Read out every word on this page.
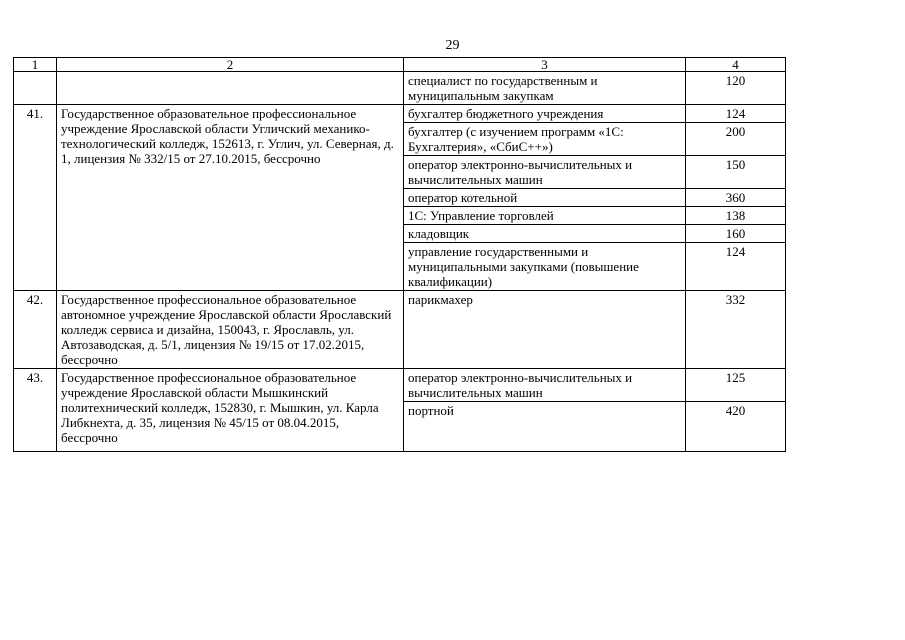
29
1	2	3	4
		специалист по государственным и муниципальным закупкам	120
41.	Государственное образовательное профессиональное учреждение Ярославской области Угличский механико-технологический колледж, 152613, г. Углич, ул. Северная, д. 1, лицензия № 332/15 от 27.10.2015, бессрочно	бухгалтер бюджетного учреждения	124
		бухгалтер (с изучением программ «1С: Бухгалтерия», «СбиС++»)	200
		оператор электронно-вычислительных и вычислительных машин	150
		оператор котельной	360
		1С: Управление торговлей	138
		кладовщик	160
		управление государственными и муниципальными закупками (повышение квалификации)	124
42.	Государственное профессиональное образовательное автономное учреждение Ярославской области Ярославский колледж сервиса и дизайна, 150043, г. Ярославль, ул. Автозаводская, д. 5/1, лицензия № 19/15 от 17.02.2015, бессрочно	парикмахер	332
43.	Государственное профессиональное образовательное учреждение Ярославской области Мышкинский политехнический колледж, 152830, г. Мышкин, ул. Карла Либкнехта, д. 35, лицензия № 45/15 от 08.04.2015, бессрочно	оператор электронно-вычислительных и вычислительных машин	125
		портной	420
